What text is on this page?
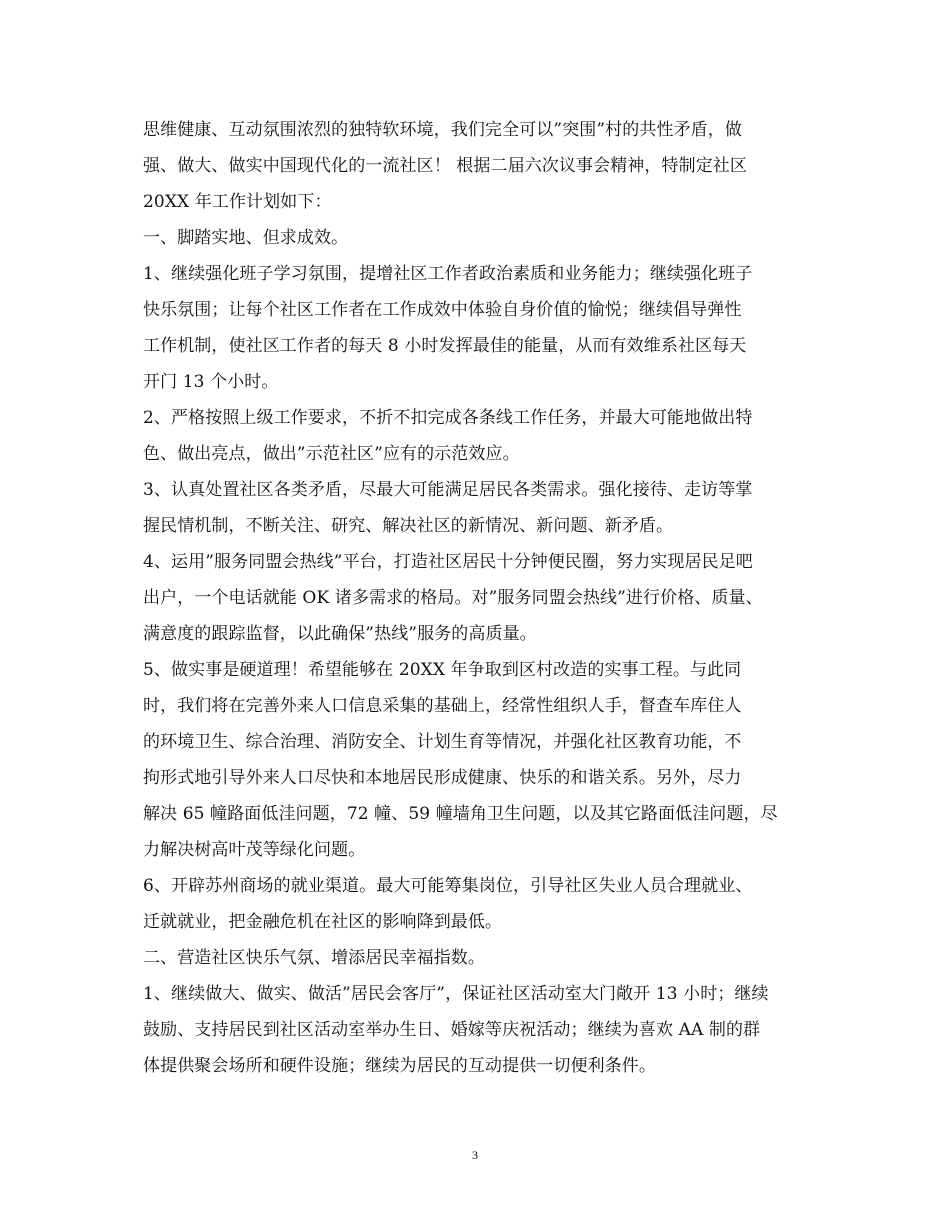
思维健康、互动氛围浓烈的独特软环境，我们完全可以”突围”村的共性矛盾，做
强、做大、做实中国现代化的一流社区！ 根据二届六次议事会精神，特制定社区
20XX 年工作计划如下：
一、脚踏实地、但求成效。
1、继续强化班子学习氛围，提增社区工作者政治素质和业务能力；继续强化班子
快乐氛围；让每个社区工作者在工作成效中体验自身价值的愉悦；继续倡导弹性
工作机制，使社区工作者的每天 8 小时发挥最佳的能量，从而有效维系社区每天
开门 13 个小时。
2、严格按照上级工作要求，不折不扣完成各条线工作任务，并最大可能地做出特
色、做出亮点，做出”示范社区”应有的示范效应。
3、认真处置社区各类矛盾，尽最大可能满足居民各类需求。强化接待、走访等掌
握民情机制，不断关注、研究、解决社区的新情况、新问题、新矛盾。
4、运用”服务同盟会热线”平台，打造社区居民十分钟便民圈，努力实现居民足吧
出户，一个电话就能 OK 诸多需求的格局。对”服务同盟会热线”进行价格、质量、
满意度的跟踪监督，以此确保”热线”服务的高质量。
5、做实事是硬道理！希望能够在 20XX 年争取到区村改造的实事工程。与此同
时，我们将在完善外来人口信息采集的基础上，经常性组织人手，督查车库住人
的环境卫生、综合治理、消防安全、计划生育等情况，并强化社区教育功能，不
拘形式地引导外来人口尽快和本地居民形成健康、快乐的和谐关系。另外，尽力
解决 65 幢路面低洼问题，72 幢、59 幢墙角卫生问题，以及其它路面低洼问题，尽
力解决树高叶茂等绿化问题。
6、开辟苏州商场的就业渠道。最大可能筹集岗位，引导社区失业人员合理就业、
迁就就业，把金融危机在社区的影响降到最低。
二、营造社区快乐气氛、增添居民幸福指数。
1、继续做大、做实、做活”居民会客厅”，保证社区活动室大门敞开 13 小时；继续
鼓励、支持居民到社区活动室举办生日、婚嫁等庆祝活动；继续为喜欢 AA 制的群
体提供聚会场所和硬件设施；继续为居民的互动提供一切便利条件。
3
